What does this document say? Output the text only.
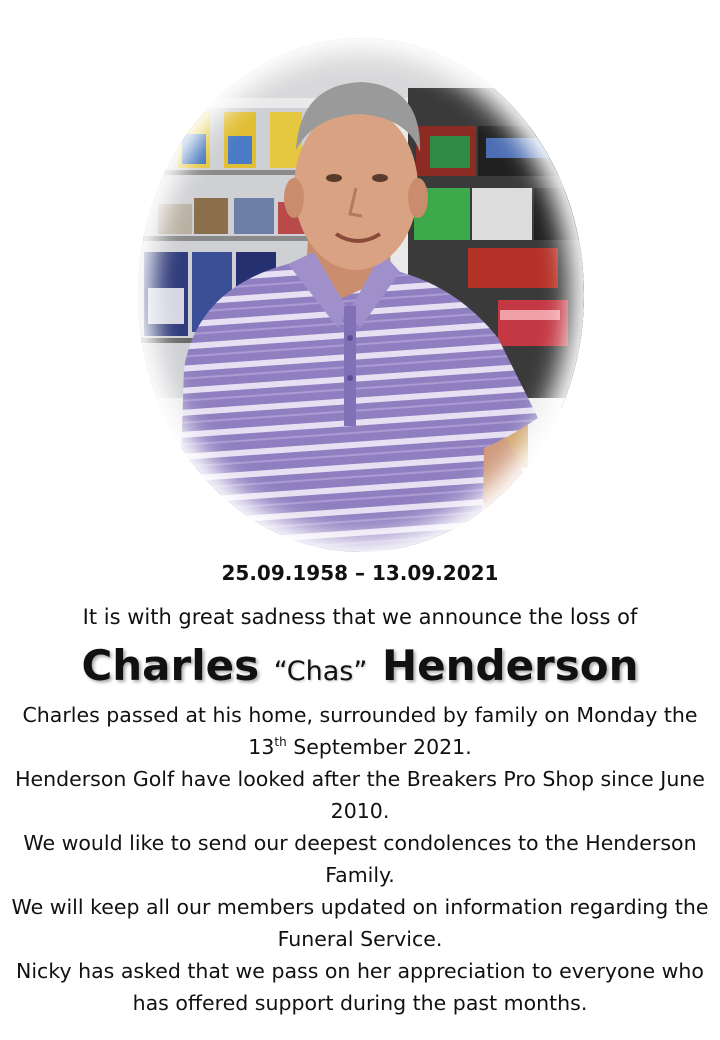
25.09.1958 – 13.09.2021
It is with great sadness that we announce the loss of
Charles “Chas” Henderson

Charles passed at his home, surrounded by family on Monday the 13th September 2021.

Henderson Golf have looked after the Breakers Pro Shop since June 2010.

We would like to send our deepest condolences to the Henderson Family.

We will keep all our members updated on information regarding the Funeral Service.

Nicky has asked that we pass on her appreciation to everyone who has offered support during the past months.
